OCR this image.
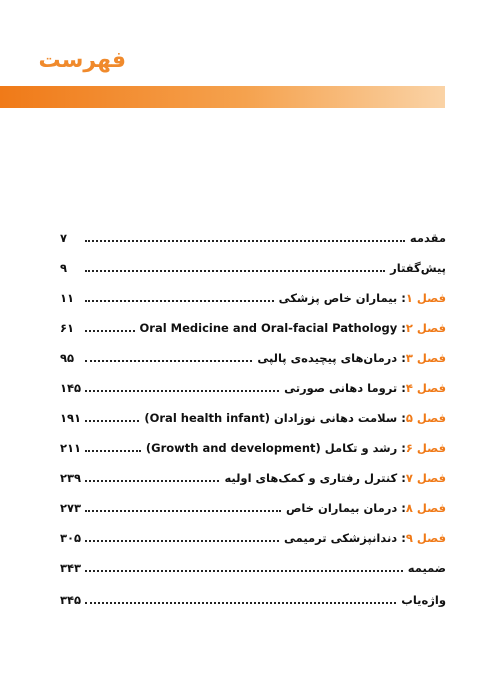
فهرست
مقدمه
۷
پیش‌گفتار
۹
فصل ۱: بیماران خاص پزشکی
۱۱
فصل ۲: Oral Medicine and Oral-facial Pathology
۶۱
فصل ۳: درمان‌های پیچیده‌ی پالپی
۹۵
فصل ۴: تروما دهانی صورتی
۱۴۵
فصل ۵: سلامت دهانی نوزادان (Oral health infant)
۱۹۱
فصل ۶: رشد و تکامل (Growth and development)
۲۱۱
فصل ۷: کنترل رفتاری و کمک‌های اولیه
۲۳۹
فصل ۸: درمان بیماران خاص
۲۷۳
فصل ۹: دندانپزشکی ترمیمی
۳۰۵
ضمیمه
۳۴۳
واژه‌یاب
۳۴۵
